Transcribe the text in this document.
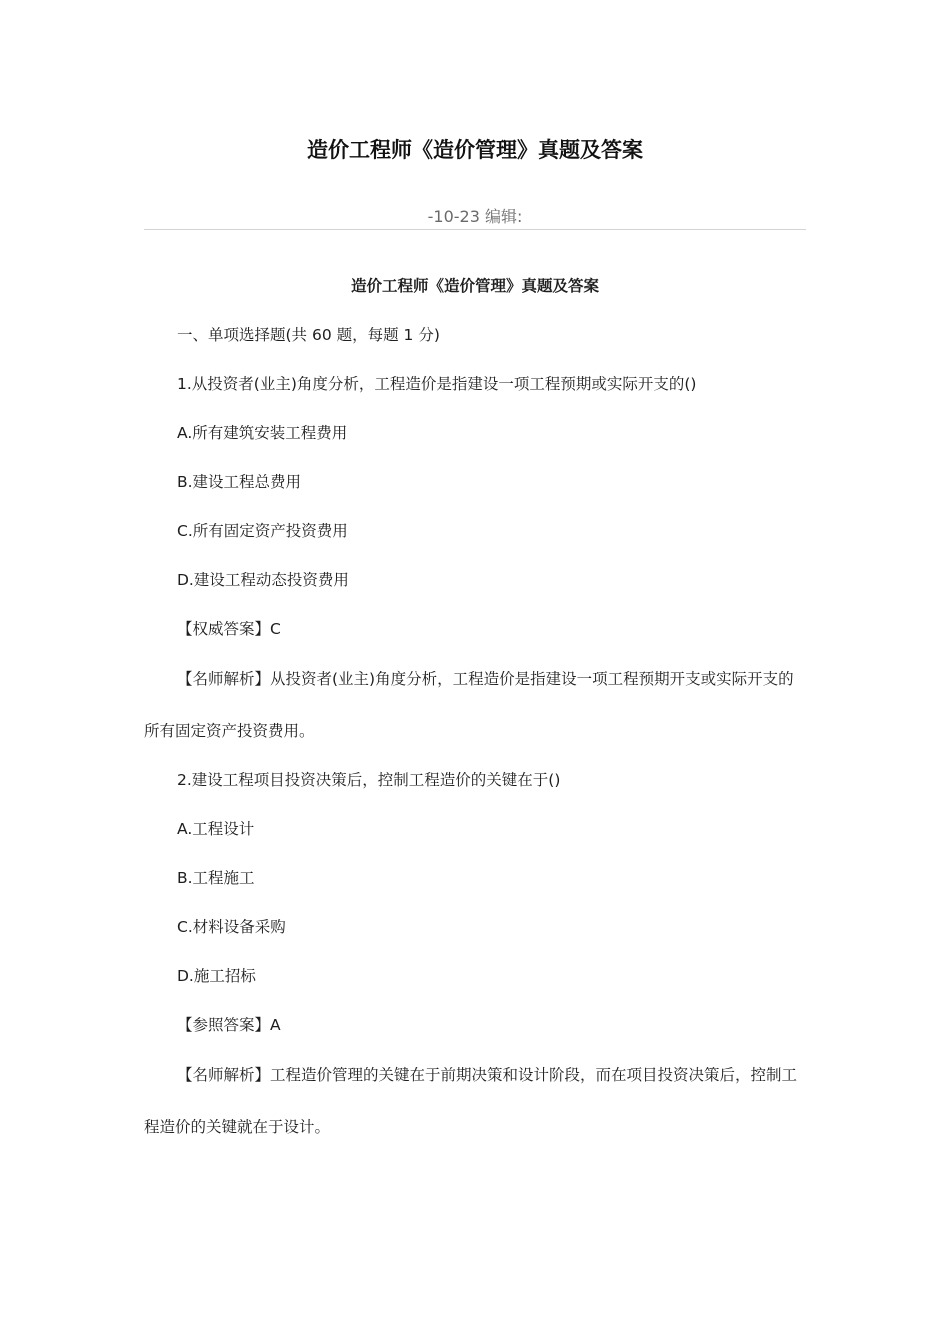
造价工程师《造价管理》真题及答案
-10-23 编辑:

造价工程师《造价管理》真题及答案

一、单项选择题(共 60 题，每题 1 分)

1.从投资者(业主)角度分析，工程造价是指建设一项工程预期或实际开支的()

A.所有建筑安装工程费用

B.建设工程总费用

C.所有固定资产投资费用

D.建设工程动态投资费用

【权威答案】C

【名师解析】从投资者(业主)角度分析，工程造价是指建设一项工程预期开支或实际开支的所有固定资产投资费用。

2.建设工程项目投资决策后，控制工程造价的关键在于()

A.工程设计

B.工程施工

C.材料设备采购

D.施工招标

【参照答案】A

【名师解析】工程造价管理的关键在于前期决策和设计阶段，而在项目投资决策后，控制工程造价的关键就在于设计。
